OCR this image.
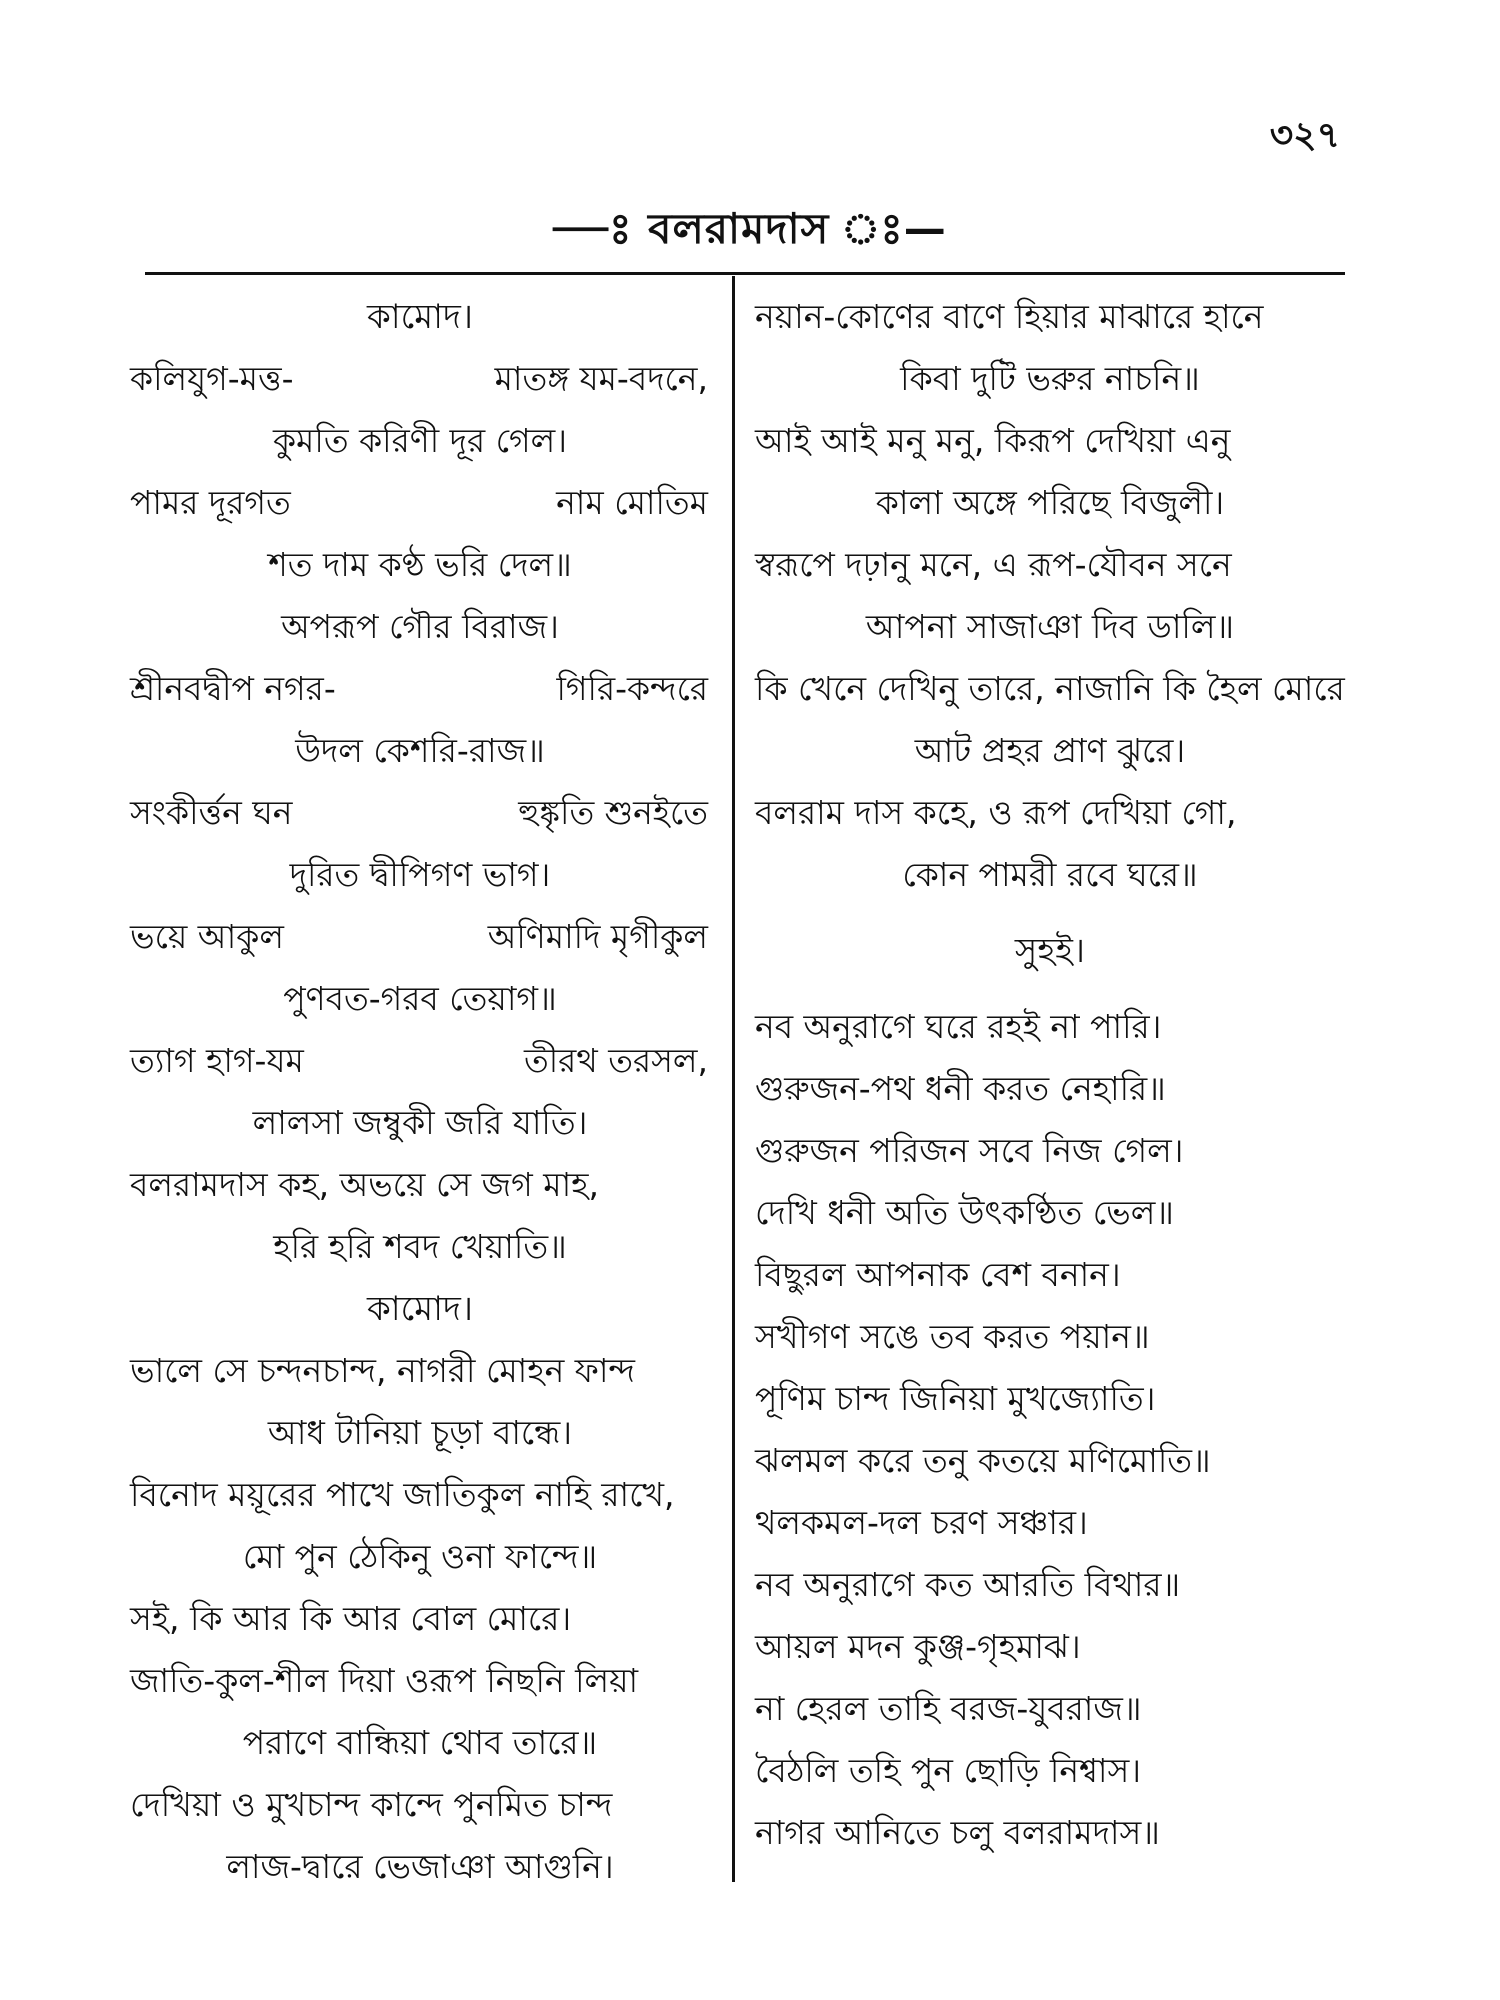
৩২৭
—ঃ বলরামদাস ঃ—
কামোদ।
কলিযুগ-মত্ত-	মাতঙ্গ যম-বদনে,
কুমতি করিণী দূর গেল।
পামর দূরগত	নাম মোতিম
শত দাম কণ্ঠ ভরি দেল॥
অপরূপ গৌর বিরাজ।
শ্রীনবদ্বীপ নগর-	গিরি-কন্দরে
উদল কেশরি-রাজ॥
সংকীর্ত্তন ঘন	হুঙ্কৃতি শুনইতে
দুরিত দ্বীপিগণ ভাগ।
ভয়ে আকুল	অণিমাদি মৃগীকুল
পুণবত-গরব তেয়াগ॥
ত্যাগ হাগ-যম	তীরথ তরসল,
লালসা জম্বুকী জরি যাতি।
বলরামদাস কহ, অভয়ে সে জগ মাহ,
হরি হরি শবদ খেয়াতি॥
কামোদ।
ভালে সে চন্দনচান্দ, নাগরী মোহন ফান্দ
আধ টানিয়া চূড়া বান্ধে।
বিনোদ ময়ূরের পাখে জাতিকুল নাহি রাখে,
মো পুন ঠেকিনু ওনা ফান্দে॥
সই, কি আর কি আর বোল মোরে।
জাতি-কুল-শীল দিয়া ওরূপ নিছনি লিয়া
পরাণে বান্ধিয়া থোব তারে॥
দেখিয়া ও মুখচান্দ কান্দে পুনমিত চান্দ
লাজ-দ্বারে ভেজাঞা আগুনি।
নয়ান-কোণের বাণে হিয়ার মাঝারে হানে
কিবা দুটি ভরুর নাচনি॥
আই আই মনু মনু, কিরূপ দেখিয়া এনু
কালা অঙ্গে পরিছে বিজুলী।
স্বরূপে দঢ়ানু মনে, এ রূপ-যৌবন সনে
আপনা সাজাঞা দিব ডালি॥
কি খেনে দেখিনু তারে, নাজানি কি হৈল মোরে
আট প্রহর প্রাণ ঝুরে।
বলরাম দাস কহে, ও রূপ দেখিয়া গো,
কোন পামরী রবে ঘরে॥
সুহই।
নব অনুরাগে ঘরে রহই না পারি।
গুরুজন-পথ ধনী করত নেহারি॥
গুরুজন পরিজন সবে নিজ গেল।
দেখি ধনী অতি উৎকণ্ঠিত ভেল॥
বিছুরল আপনাক বেশ বনান।
সখীগণ সঙে তব করত পয়ান॥
পূণিম চান্দ জিনিয়া মুখজ্যোতি।
ঝলমল করে তনু কতয়ে মণিমোতি॥
থলকমল-দল চরণ সঞ্চার।
নব অনুরাগে কত আরতি বিথার॥
আয়ল মদন কুঞ্জ-গৃহমাঝ।
না হেরল তাহি বরজ-যুবরাজ॥
বৈঠলি তহি পুন ছোড়ি নিশ্বাস।
নাগর আনিতে চলু বলরামদাস॥
